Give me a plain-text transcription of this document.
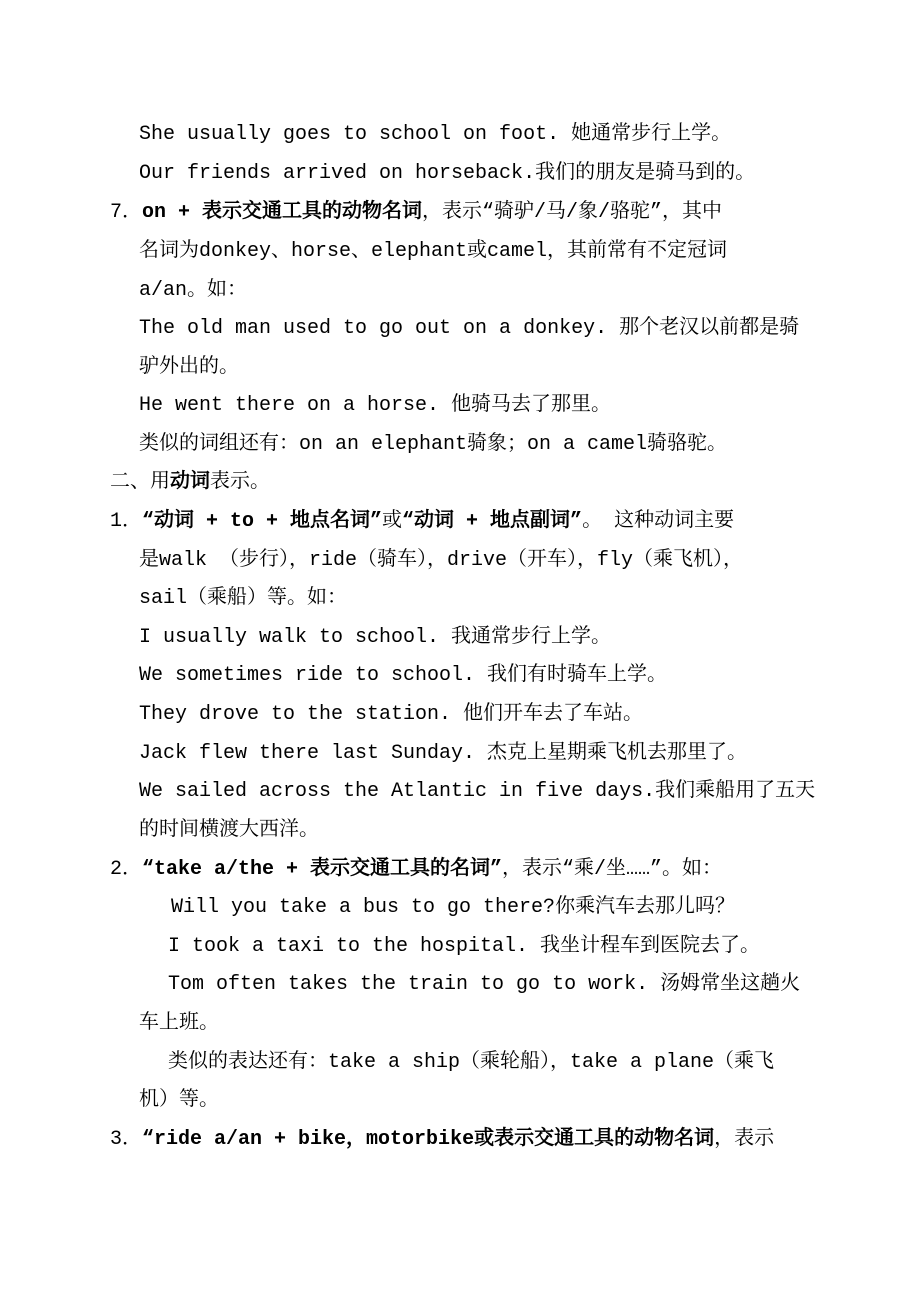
She usually goes to school on foot. 她通常步行上学。
Our friends arrived on horseback.我们的朋友是骑马到的。
7．on + 表示交通工具的动物名词，表示“骑驴/马/象/骆驼”，其中
名词为donkey、horse、elephant或camel，其前常有不定冠词
a/an。如：
The old man used to go out on a donkey. 那个老汉以前都是骑
驴外出的。
He went there on a horse. 他骑马去了那里。
类似的词组还有：on an elephant骑象；on a camel骑骆驼。
二、用动词表示。
1．“动词 + to + 地点名词”或“动词 + 地点副词”。 这种动词主要
是walk （步行），ride（骑车），drive（开车），fly（乘飞机），
sail（乘船）等。如：
I usually walk to school. 我通常步行上学。
We sometimes ride to school. 我们有时骑车上学。
They drove to the station. 他们开车去了车站。
Jack flew there last Sunday. 杰克上星期乘飞机去那里了。
We sailed across the Atlantic in five days.我们乘船用了五天
的时间横渡大西洋。
2．“take a/the + 表示交通工具的名词”，表示“乘/坐……”。如：
Will you take a bus to go there?你乘汽车去那儿吗？
I took a taxi to the hospital. 我坐计程车到医院去了。
Tom often takes the train to go to work. 汤姆常坐这趟火
车上班。
类似的表达还有：take a ship（乘轮船），take a plane（乘飞
机）等。
3．“ride a/an + bike，motorbike或表示交通工具的动物名词，表示
